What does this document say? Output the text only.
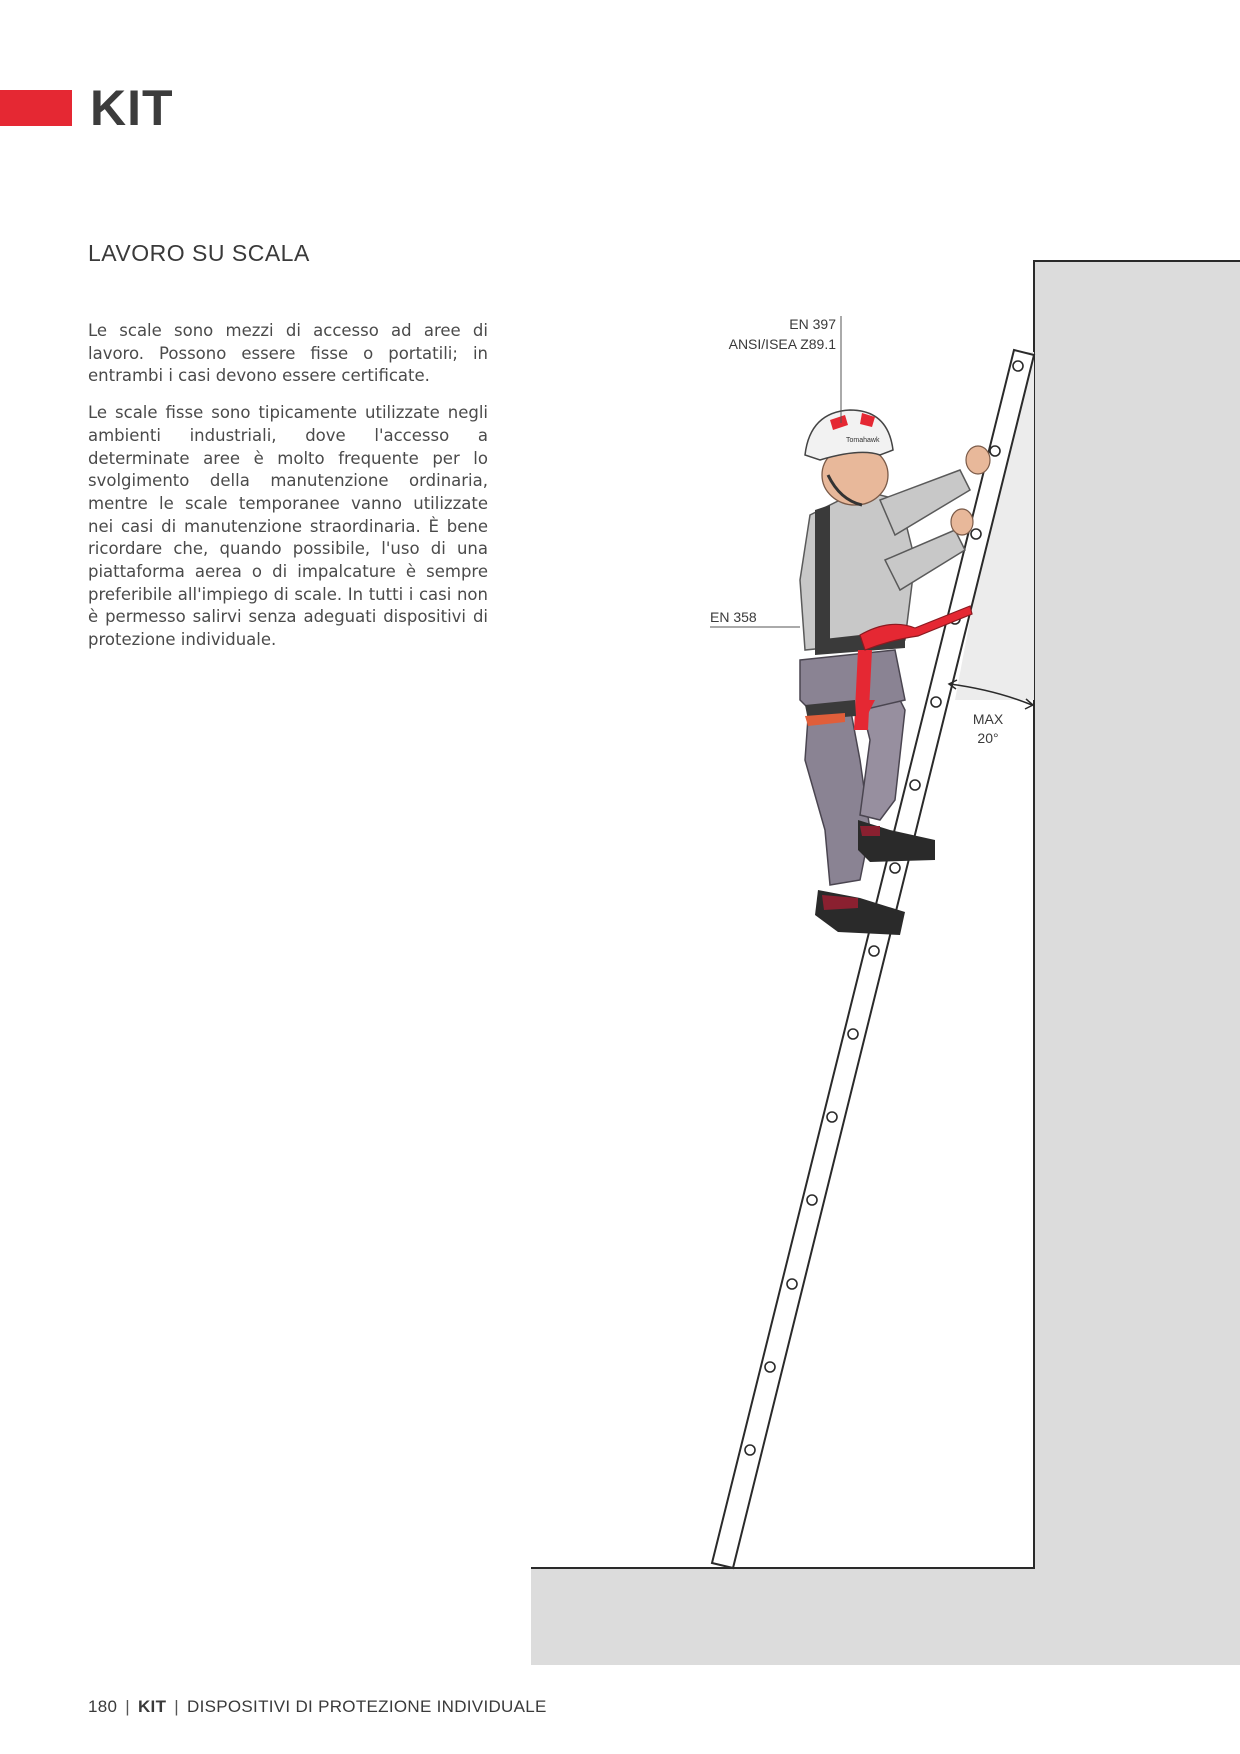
KIT
LAVORO SU SCALA

Le scale sono mezzi di accesso ad aree di lavoro. Possono essere fisse o portatili; in entrambi i casi devono essere certificate.

Le scale fisse sono tipicamente utilizzate negli ambienti industriali, dove l'accesso a determinate aree è molto frequente per lo svolgimento della manutenzione ordinaria, mentre le scale temporanee vanno utilizzate nei casi di manutenzione straordinaria. È bene ricordare che, quando possibile, l'uso di una piattaforma aerea o di impalcature è sempre preferibile all'impiego di scale. In tutti i casi non è permesso salirvi senza adeguati dispositivi di protezione individuale.

Tomahawk
EN 397
ANSI/ISEA Z89.1
EN 358
MAX
20°
180 | KIT | DISPOSITIVI DI PROTEZIONE INDIVIDUALE
